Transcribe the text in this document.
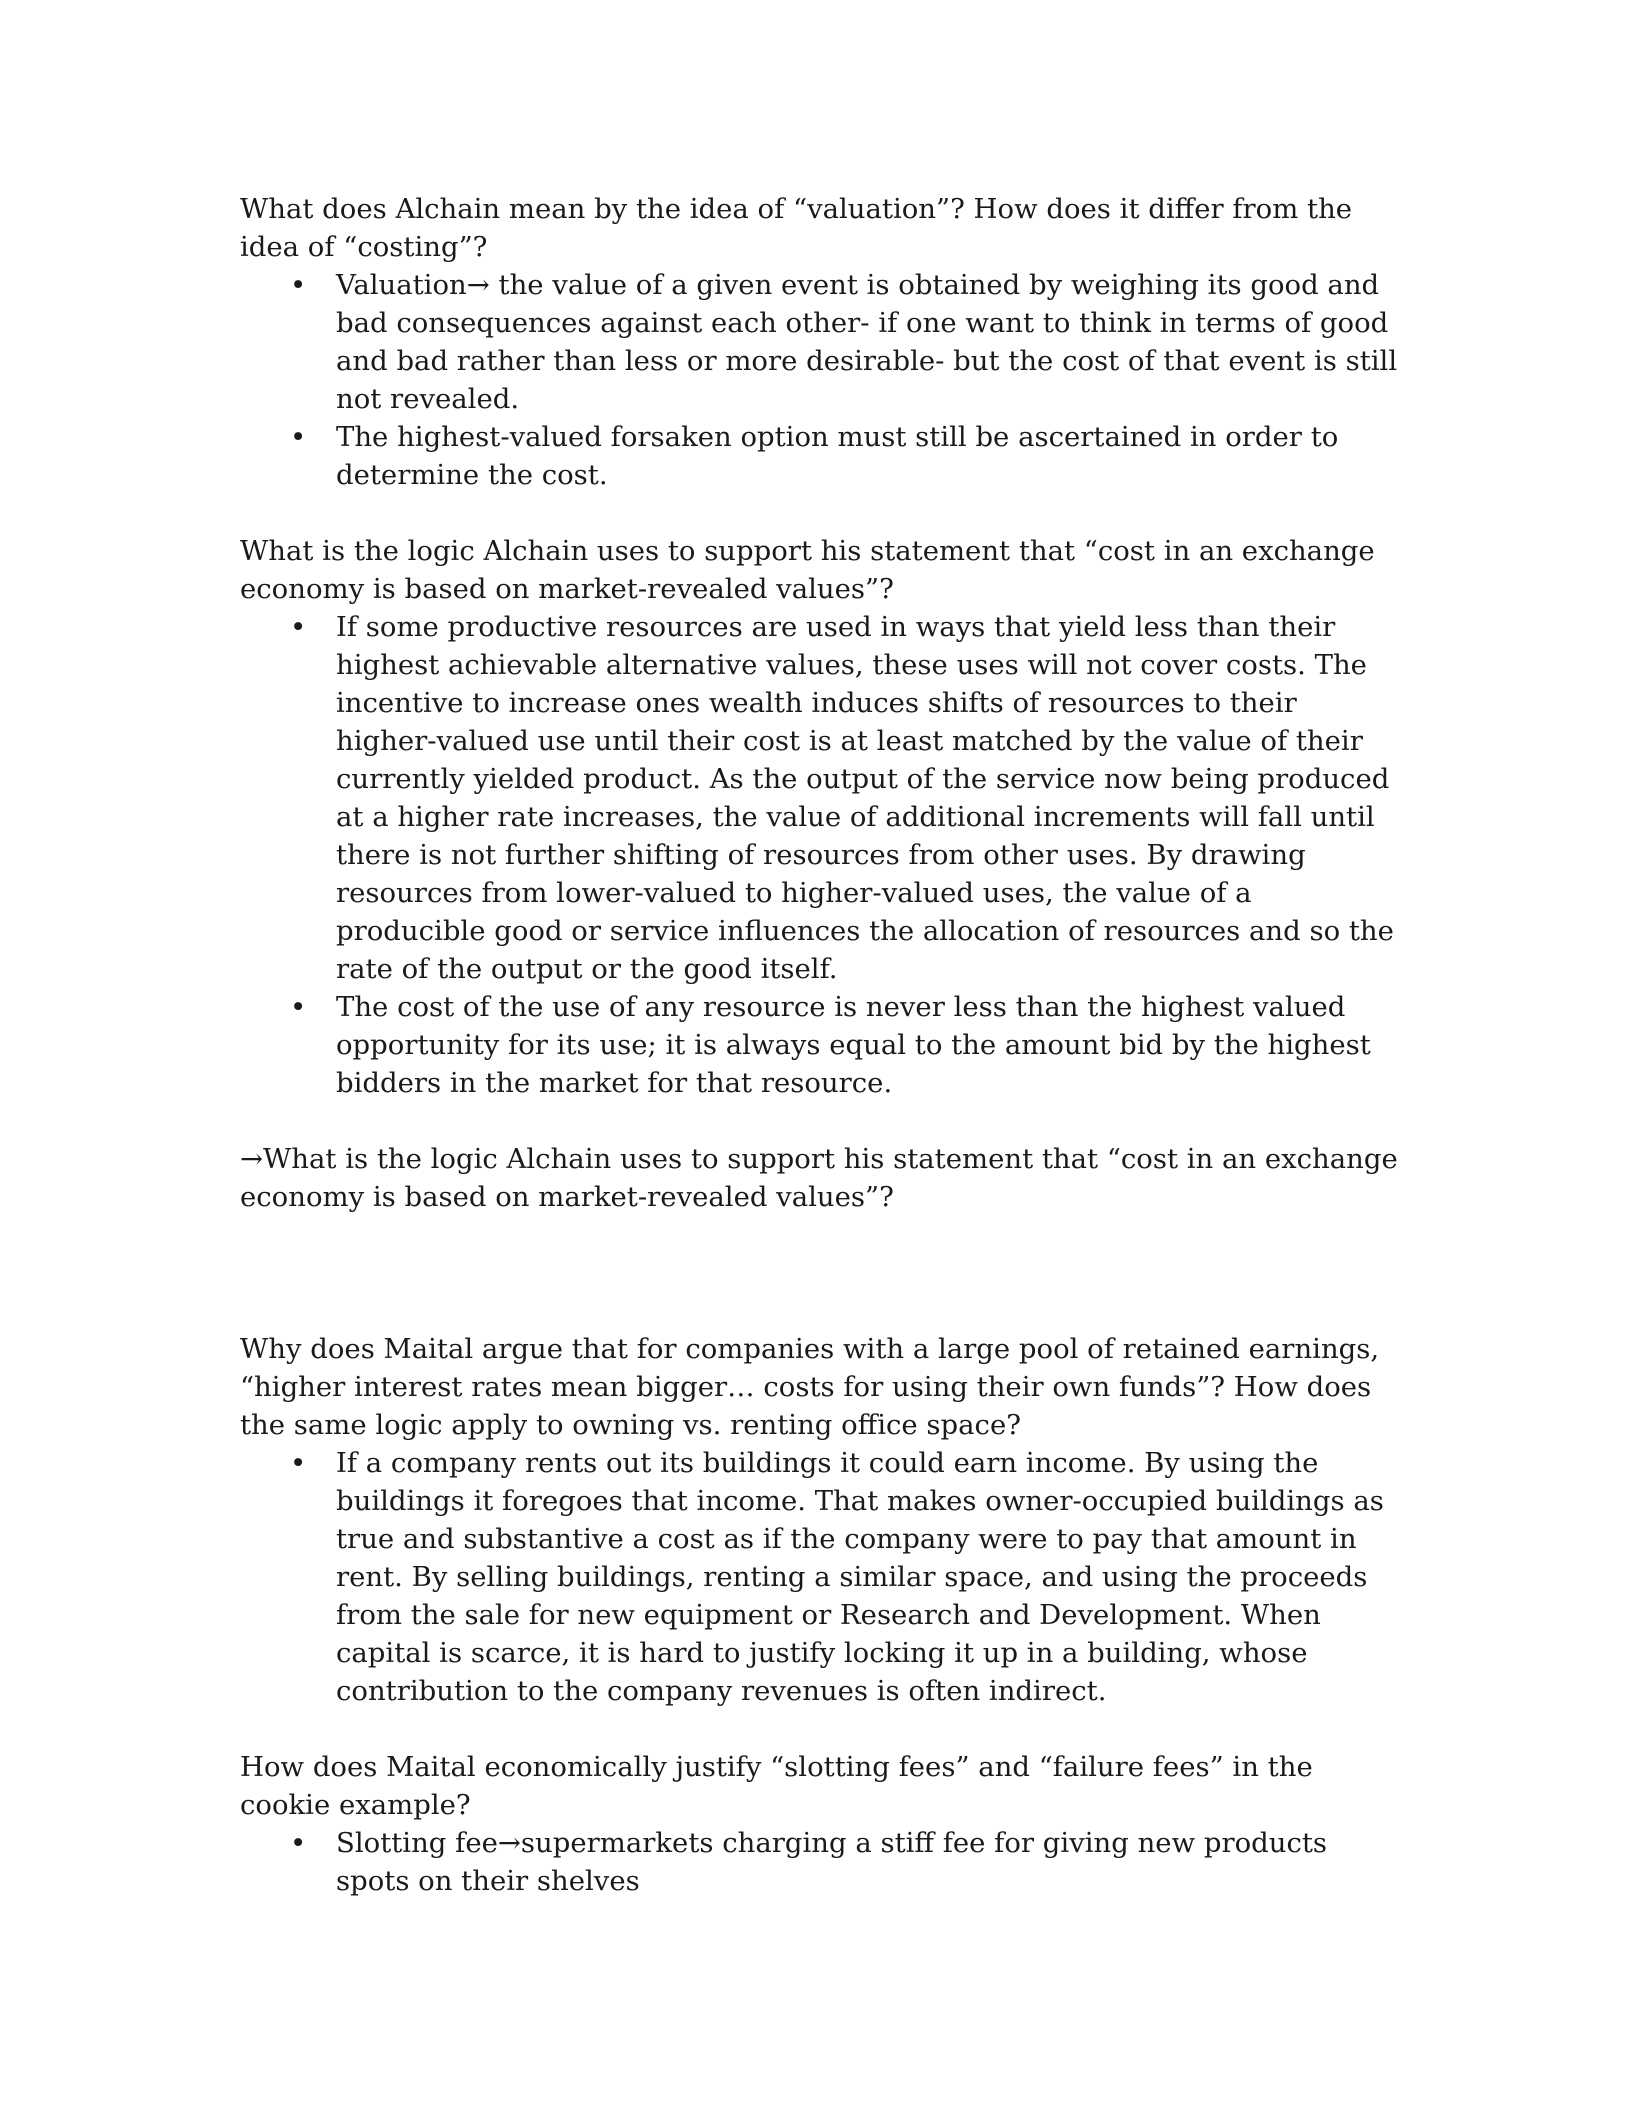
What does Alchain mean by the idea of “valuation”? How does it differ from the idea of “costing”?

• Valuation→ the value of a given event is obtained by weighing its good and bad consequences against each other- if one want to think in terms of good and bad rather than less or more desirable- but the cost of that event is still not revealed.
• The highest-valued forsaken option must still be ascertained in order to determine the cost.

What is the logic Alchain uses to support his statement that “cost in an exchange economy is based on market-revealed values”?

• If some productive resources are used in ways that yield less than their highest achievable alternative values, these uses will not cover costs. The incentive to increase ones wealth induces shifts of resources to their higher-valued use until their cost is at least matched by the value of their currently yielded product. As the output of the service now being produced at a higher rate increases, the value of additional increments will fall until there is not further shifting of resources from other uses. By drawing resources from lower-valued to higher-valued uses, the value of a producible good or service influences the allocation of resources and so the rate of the output or the good itself.
• The cost of the use of any resource is never less than the highest valued opportunity for its use; it is always equal to the amount bid by the highest bidders in the market for that resource.

→What is the logic Alchain uses to support his statement that “cost in an exchange economy is based on market-revealed values”?

Why does Maital argue that for companies with a large pool of retained earnings, “higher interest rates mean bigger… costs for using their own funds”? How does the same logic apply to owning vs. renting office space?

• If a company rents out its buildings it could earn income. By using the buildings it foregoes that income. That makes owner-occupied buildings as true and substantive a cost as if the company were to pay that amount in rent. By selling buildings, renting a similar space, and using the proceeds from the sale for new equipment or Research and Development. When capital is scarce, it is hard to justify locking it up in a building, whose contribution to the company revenues is often indirect.

How does Maital economically justify “slotting fees” and “failure fees” in the cookie example?

• Slotting fee→supermarkets charging a stiff fee for giving new products spots on their shelves
